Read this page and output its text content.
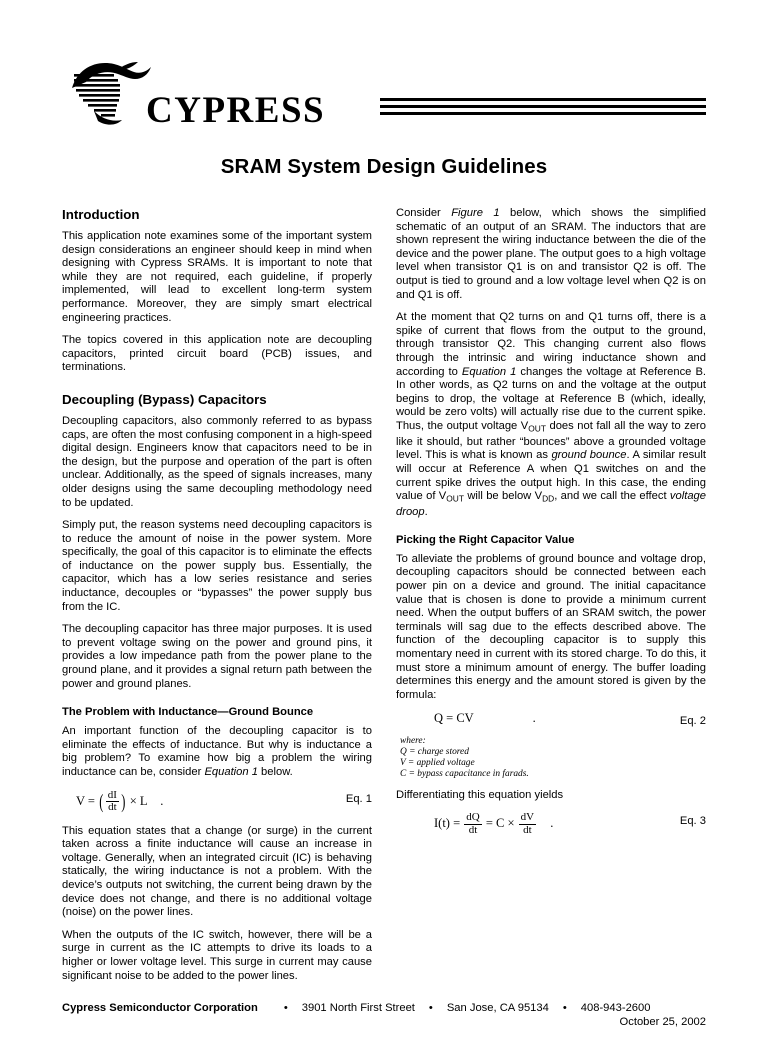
CYPRESS
SRAM System Design Guidelines
Introduction

This application note examines some of the important system design considerations an engineer should keep in mind when designing with Cypress SRAMs. It is important to note that while they are not required, each guideline, if properly implemented, will lead to excellent long-term system performance. Moreover, they are simply smart electrical engineering practices.

The topics covered in this application note are decoupling capacitors, printed circuit board (PCB) issues, and terminations.

Decoupling (Bypass) Capacitors

Decoupling capacitors, also commonly referred to as bypass caps, are often the most confusing component in a high-speed digital design. Engineers know that capacitors need to be in the design, but the purpose and operation of the part is often unclear. Additionally, as the speed of signals increases, many older designs using the same decoupling methodology need to be updated.

Simply put, the reason systems need decoupling capacitors is to reduce the amount of noise in the power system. More specifically, the goal of this capacitor is to eliminate the effects of inductance on the power supply bus. Essentially, the capacitor, which has a low series resistance and series inductance, decouples or “bypasses” the power supply bus from the IC.

The decoupling capacitor has three major purposes. It is used to prevent voltage swing on the power and ground pins, it provides a low impedance path from the power plane to the ground plane, and it provides a signal return path between the power and ground planes.

The Problem with Inductance—Ground Bounce

An important function of the decoupling capacitor is to eliminate the effects of inductance. But why is inductance a big problem? To examine how big a problem the wiring inductance can be, consider Equation 1 below.

V = ( $\frac{dI}{dt}$ ) × L .	Eq. 1

This equation states that a change (or surge) in the current taken across a finite inductance will cause an increase in voltage. Generally, when an integrated circuit (IC) is behaving statically, the wiring inductance is not a problem. With the device’s outputs not switching, the current being drawn by the device does not change, and there is no additional voltage (noise) on the power lines.

When the outputs of the IC switch, however, there will be a surge in current as the IC attempts to drive its loads to a higher or lower voltage level. This surge in current may cause significant noise to be added to the power lines.

Consider Figure 1 below, which shows the simplified schematic of an output of an SRAM. The inductors that are shown represent the wiring inductance between the die of the device and the power plane. The output goes to a high voltage level when transistor Q1 is on and transistor Q2 is off. The output is tied to ground and a low voltage level when Q2 is on and Q1 is off.

At the moment that Q2 turns on and Q1 turns off, there is a spike of current that flows from the output to the ground, through transistor Q2. This changing current also flows through the intrinsic and wiring inductance shown and according to Equation 1 changes the voltage at Reference B. In other words, as Q2 turns on and the voltage at the output begins to drop, the voltage at Reference B (which, ideally, would be zero volts) will actually rise due to the current spike. Thus, the output voltage $V_{OUT}$ does not fall all the way to zero like it should, but rather “bounces” above a grounded voltage level. This is what is known as ground bounce. A similar result will occur at Reference A when Q1 switches on and the current spike drives the output high. In this case, the ending value of $V_{OUT}$ will be below $V_{DD}$, and we call the effect voltage droop.

Picking the Right Capacitor Value

To alleviate the problems of ground bounce and voltage drop, decoupling capacitors should be connected between each power pin on a device and ground. The initial capacitance value that is chosen is done to provide a minimum current need. When the output buffers of an SRAM switch, the power terminals will sag due to the effects described above. The function of the decoupling capacitor is to supply this momentary need in current with its stored charge. To do this, it must store a minimum amount of energy. The buffer loading determines this energy and the amount stored is given by the formula:

Q = CV	.	Eq. 2
where:
Q = charge stored
V = applied voltage
C = bypass capacitance in farads.

Differentiating this equation yields

$I(t) = \frac{dQ}{dt} = C \times \frac{dV}{dt}$ .	Eq. 3
Cypress Semiconductor Corporation	•	3901 North First Street	•	San Jose, CA 95134	•	408-943-2600
October 25, 2002
